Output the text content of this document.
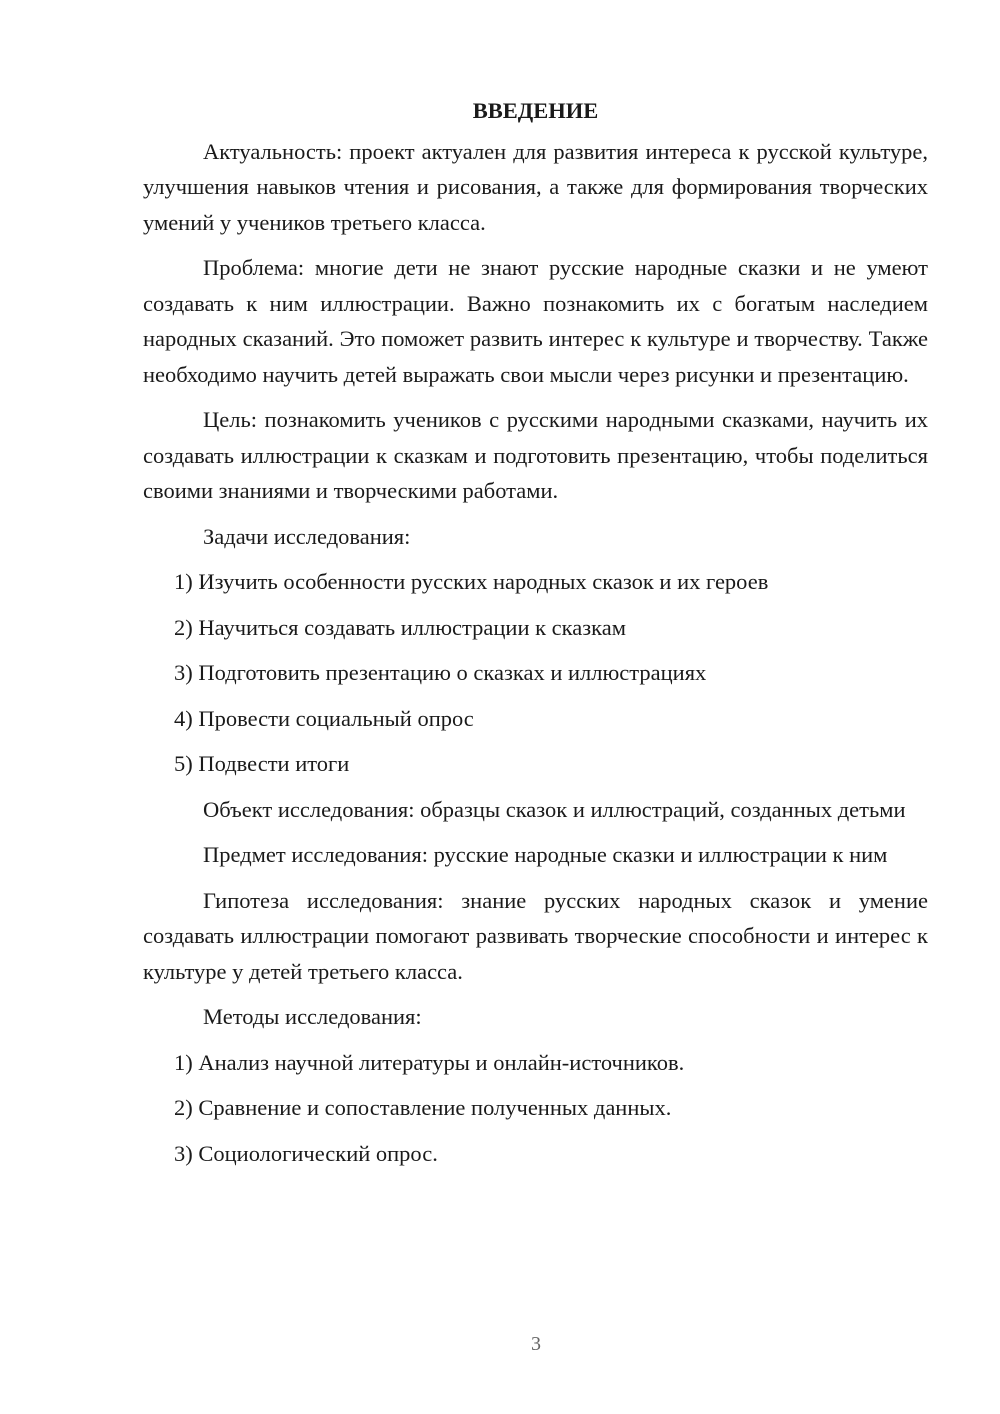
ВВЕДЕНИЕ

Актуальность: проект актуален для развития интереса к русской культуре, улучшения навыков чтения и рисования, а также для формирования творческих умений у учеников третьего класса.

Проблема: многие дети не знают русские народные сказки и не умеют создавать к ним иллюстрации. Важно познакомить их с богатым наследием народных сказаний. Это поможет развить интерес к культуре и творчеству. Также необходимо научить детей выражать свои мысли через рисунки и презентацию.

Цель: познакомить учеников с русскими народными сказками, научить их создавать иллюстрации к сказкам и подготовить презентацию, чтобы поделиться своими знаниями и творческими работами.

Задачи исследования:

1) Изучить особенности русских народных сказок и их героев
2) Научиться создавать иллюстрации к сказкам
3) Подготовить презентацию о сказках и иллюстрациях
4) Провести социальный опрос
5) Подвести итоги

Объект исследования: образцы сказок и иллюстраций, созданных детьми

Предмет исследования: русские народные сказки и иллюстрации к ним

Гипотеза исследования: знание русских народных сказок и умение создавать иллюстрации помогают развивать творческие способности и интерес к культуре у детей третьего класса.

Методы исследования:

1) Анализ научной литературы и онлайн-источников.
2) Сравнение и сопоставление полученных данных.
3) Социологический опрос.
3
